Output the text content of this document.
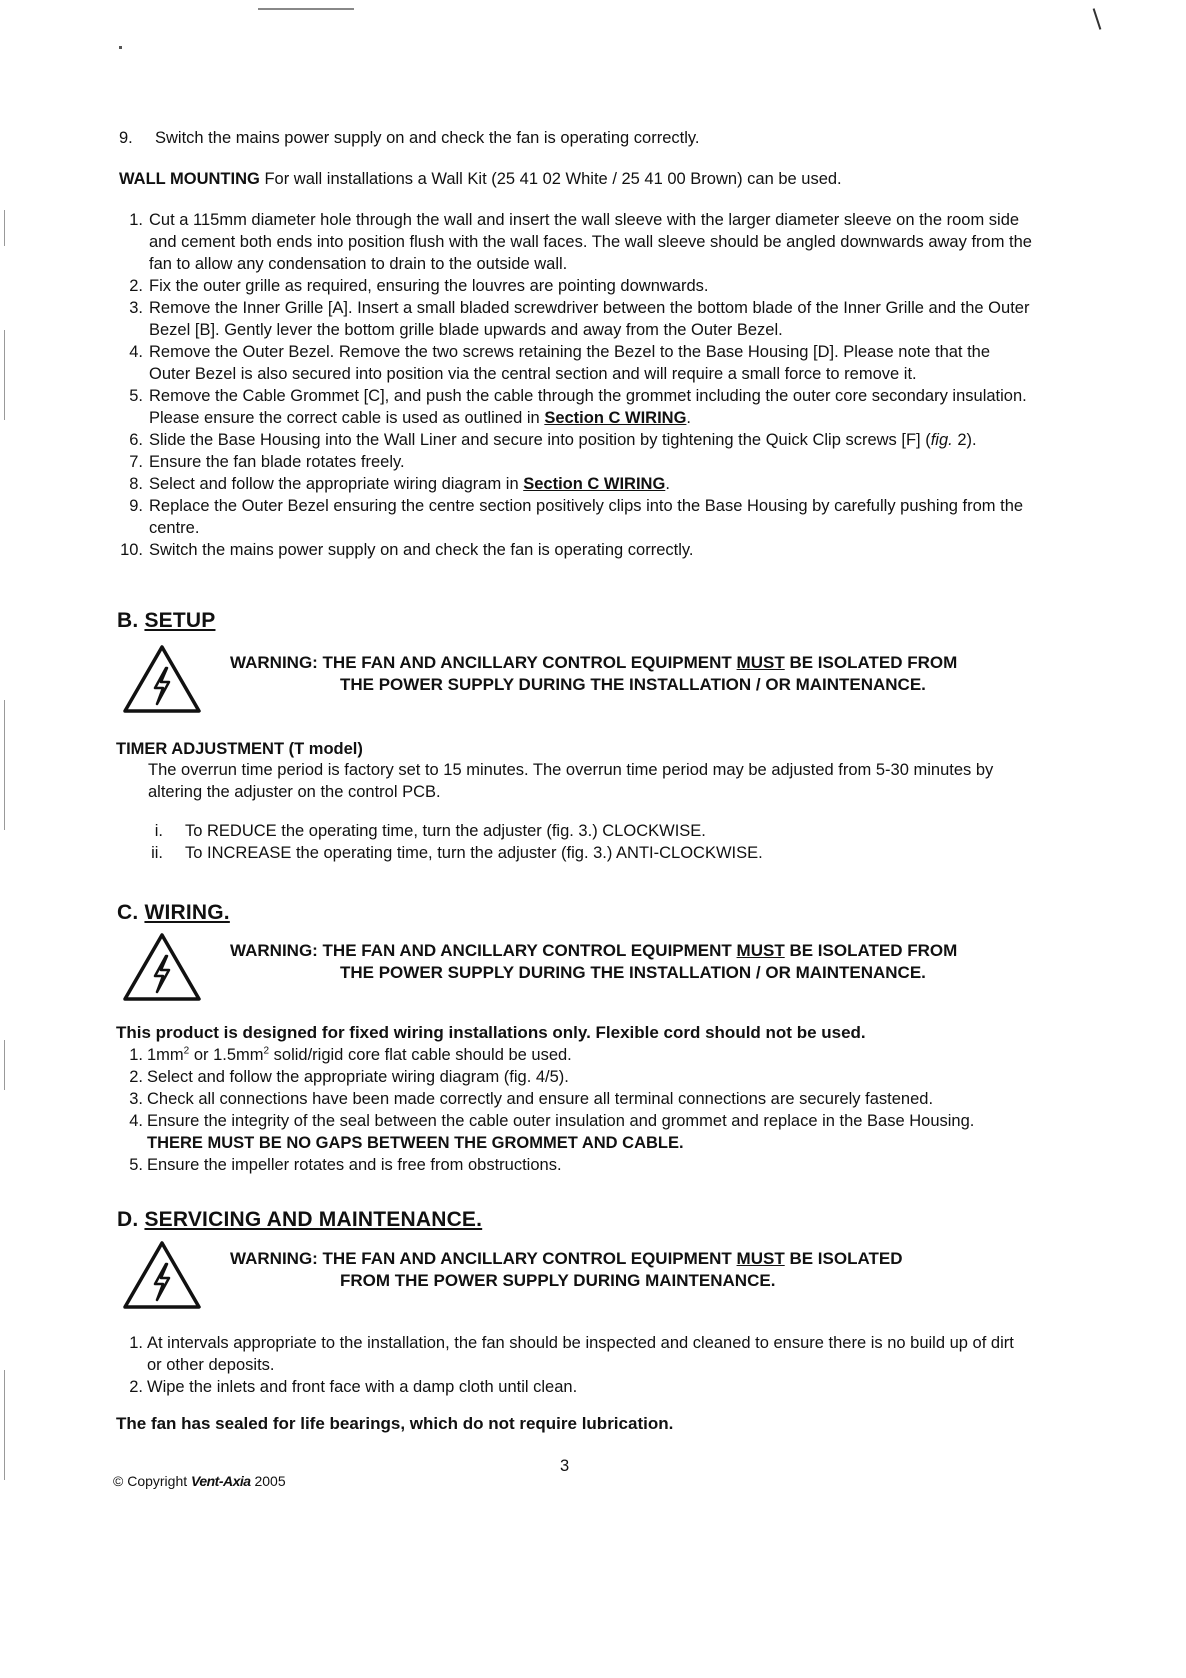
9.	Switch the mains power supply on and check the fan is operating correctly.
WALL MOUNTING For wall installations a Wall Kit (25 41 02 White / 25 41 00 Brown) can be used.
1. Cut a 115mm diameter hole through the wall and insert the wall sleeve with the larger diameter sleeve on the room side and cement both ends into position flush with the wall faces. The wall sleeve should be angled downwards away from the fan to allow any condensation to drain to the outside wall.
2. Fix the outer grille as required, ensuring the louvres are pointing downwards.
3. Remove the Inner Grille [A]. Insert a small bladed screwdriver between the bottom blade of the Inner Grille and the Outer Bezel [B]. Gently lever the bottom grille blade upwards and away from the Outer Bezel.
4. Remove the Outer Bezel. Remove the two screws retaining the Bezel to the Base Housing [D]. Please note that the Outer Bezel is also secured into position via the central section and will require a small force to remove it.
5. Remove the Cable Grommet [C], and push the cable through the grommet including the outer core secondary insulation. Please ensure the correct cable is used as outlined in Section C WIRING.
6. Slide the Base Housing into the Wall Liner and secure into position by tightening the Quick Clip screws [F] (fig. 2).
7. Ensure the fan blade rotates freely.
8. Select and follow the appropriate wiring diagram in Section C WIRING.
9. Replace the Outer Bezel ensuring the centre section positively clips into the Base Housing by carefully pushing from the centre.
10. Switch the mains power supply on and check the fan is operating correctly.
B. SETUP
WARNING: THE FAN AND ANCILLARY CONTROL EQUIPMENT MUST BE ISOLATED FROM
THE POWER SUPPLY DURING THE INSTALLATION / OR MAINTENANCE.
TIMER ADJUSTMENT (T model)
The overrun time period is factory set to 15 minutes. The overrun time period may be adjusted from 5-30 minutes by altering the adjuster on the control PCB.
i. To REDUCE the operating time, turn the adjuster (fig. 3.) CLOCKWISE.
ii. To INCREASE the operating time, turn the adjuster (fig. 3.) ANTI-CLOCKWISE.
C. WIRING.
WARNING: THE FAN AND ANCILLARY CONTROL EQUIPMENT MUST BE ISOLATED FROM
THE POWER SUPPLY DURING THE INSTALLATION / OR MAINTENANCE.
This product is designed for fixed wiring installations only. Flexible cord should not be used.
1. $1mm^2$ or $1.5mm^2$ solid/rigid core flat cable should be used.
2. Select and follow the appropriate wiring diagram (fig. 4/5).
3. Check all connections have been made correctly and ensure all terminal connections are securely fastened.
4. Ensure the integrity of the seal between the cable outer insulation and grommet and replace in the Base Housing. THERE MUST BE NO GAPS BETWEEN THE GROMMET AND CABLE.
5. Ensure the impeller rotates and is free from obstructions.
D. SERVICING AND MAINTENANCE.
WARNING: THE FAN AND ANCILLARY CONTROL EQUIPMENT MUST BE ISOLATED
FROM THE POWER SUPPLY DURING MAINTENANCE.
1. At intervals appropriate to the installation, the fan should be inspected and cleaned to ensure there is no build up of dirt or other deposits.
2. Wipe the inlets and front face with a damp cloth until clean.
The fan has sealed for life bearings, which do not require lubrication.
3
© Copyright Vent-Axia 2005
